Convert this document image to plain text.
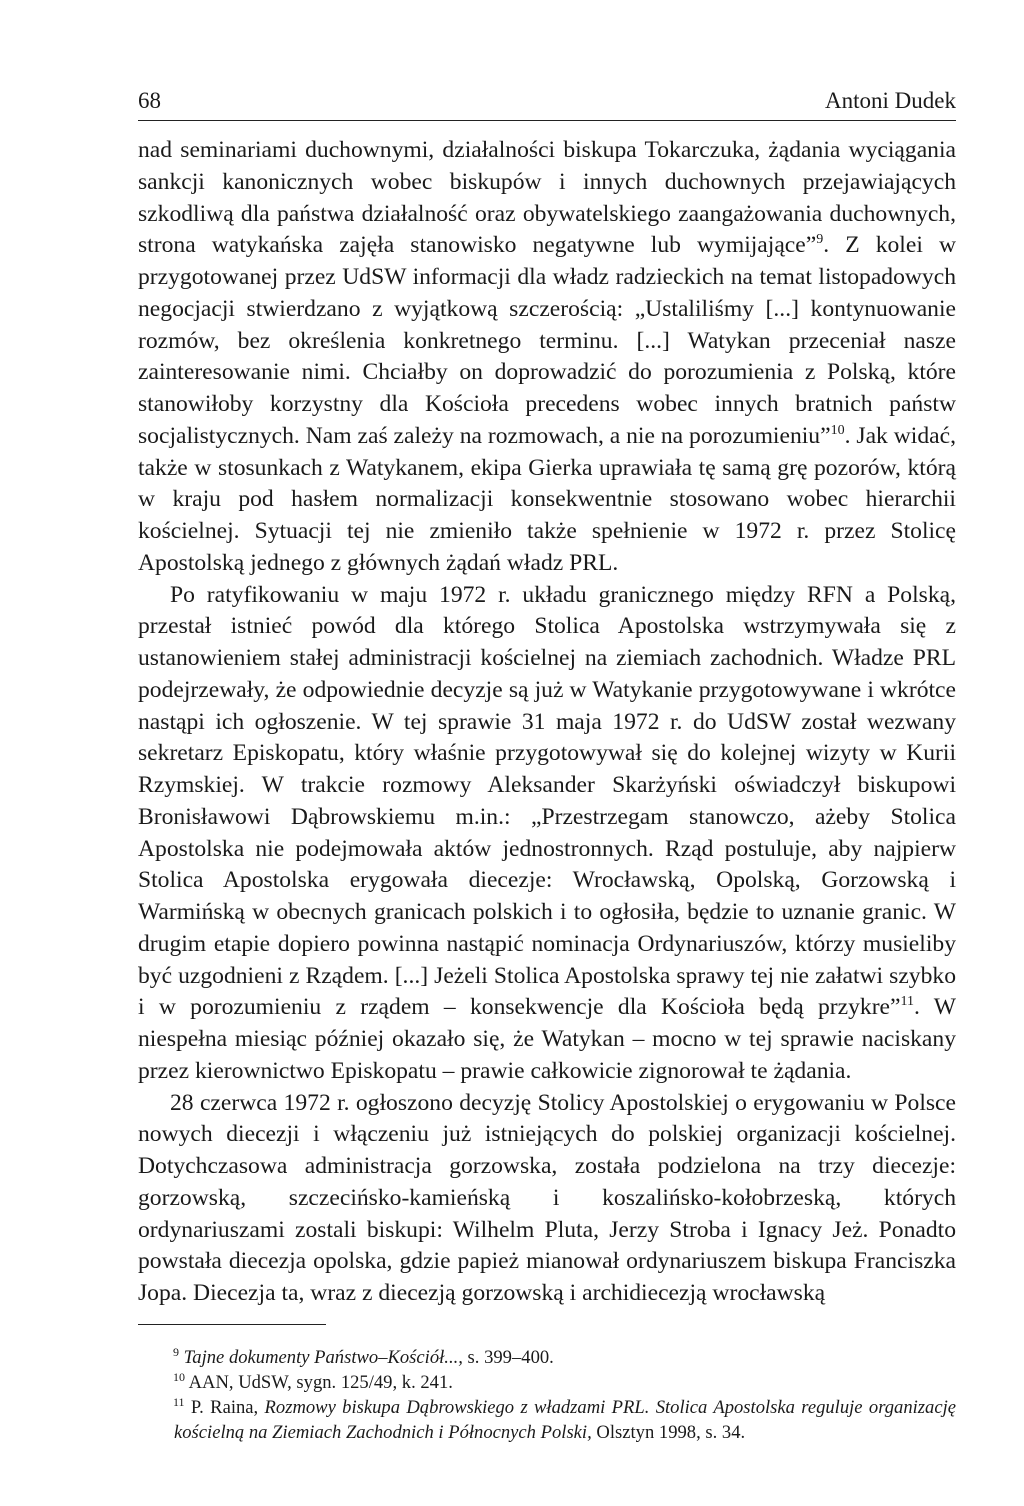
68	Antoni Dudek

nad seminariami duchownymi, działalności biskupa Tokarczuka, żądania wyciągania sankcji kanonicznych wobec biskupów i innych duchownych przejawiających szkodliwą dla państwa działalność oraz obywatelskiego zaangażowania duchownych, strona watykańska zajęła stanowisko negatywne lub wymijające”$^9$. Z kolei w przygotowanej przez UdSW informacji dla władz radzieckich na temat listopadowych negocjacji stwierdzano z wyjątkową szczerością: „Ustaliliśmy [...] kontynuowanie rozmów, bez określenia konkretnego terminu. [...] Watykan przeceniał nasze zainteresowanie nimi. Chciałby on doprowadzić do porozumienia z Polską, które stanowiłoby korzystny dla Kościoła precedens wobec innych bratnich państw socjalistycznych. Nam zaś zależy na rozmowach, a nie na porozumieniu”$^{10}$. Jak widać, także w stosunkach z Watykanem, ekipa Gierka uprawiała tę samą grę pozorów, którą w kraju pod hasłem normalizacji konsekwentnie stosowano wobec hierarchii kościelnej. Sytuacji tej nie zmieniło także spełnienie w 1972 r. przez Stolicę Apostolską jednego z głównych żądań władz PRL.

Po ratyfikowaniu w maju 1972 r. układu granicznego między RFN a Polską, przestał istnieć powód dla którego Stolica Apostolska wstrzymywała się z ustanowieniem stałej administracji kościelnej na ziemiach zachodnich. Władze PRL podejrzewały, że odpowiednie decyzje są już w Watykanie przygotowywane i wkrótce nastąpi ich ogłoszenie. W tej sprawie 31 maja 1972 r. do UdSW został wezwany sekretarz Episkopatu, który właśnie przygotowywał się do kolejnej wizyty w Kurii Rzymskiej. W trakcie rozmowy Aleksander Skarżyński oświadczył biskupowi Bronisławowi Dąbrowskiemu m.in.: „Przestrzegam stanowczo, ażeby Stolica Apostolska nie podejmowała aktów jednostronnych. Rząd postuluje, aby najpierw Stolica Apostolska erygowała diecezje: Wrocławską, Opolską, Gorzowską i Warmińską w obecnych granicach polskich i to ogłosiła, będzie to uznanie granic. W drugim etapie dopiero powinna nastąpić nominacja Ordynariuszów, którzy musieliby być uzgodnieni z Rządem. [...] Jeżeli Stolica Apostolska sprawy tej nie załatwi szybko i w porozumieniu z rządem – konsekwencje dla Kościoła będą przykre”$^{11}$. W niespełna miesiąc później okazało się, że Watykan – mocno w tej sprawie naciskany przez kierownictwo Episkopatu – prawie całkowicie zignorował te żądania.

28 czerwca 1972 r. ogłoszono decyzję Stolicy Apostolskiej o erygowaniu w Polsce nowych diecezji i włączeniu już istniejących do polskiej organizacji kościelnej. Dotychczasowa administracja gorzowska, została podzielona na trzy diecezje: gorzowską, szczecińsko-kamieńską i koszalińsko-kołobrzeską, których ordynariuszami zostali biskupi: Wilhelm Pluta, Jerzy Stroba i Ignacy Jeż. Ponadto powstała diecezja opolska, gdzie papież mianował ordynariuszem biskupa Franciszka Jopa. Diecezja ta, wraz z diecezją gorzowską i archidiecezją wrocławską

$^9$ Tajne dokumenty Państwo–Kościół..., s. 399–400.

$^{10}$ AAN, UdSW, sygn. 125/49, k. 241.

$^{11}$ P. Raina, Rozmowy biskupa Dąbrowskiego z władzami PRL. Stolica Apostolska reguluje organizację kościelną na Ziemiach Zachodnich i Północnych Polski, Olsztyn 1998, s. 34.
